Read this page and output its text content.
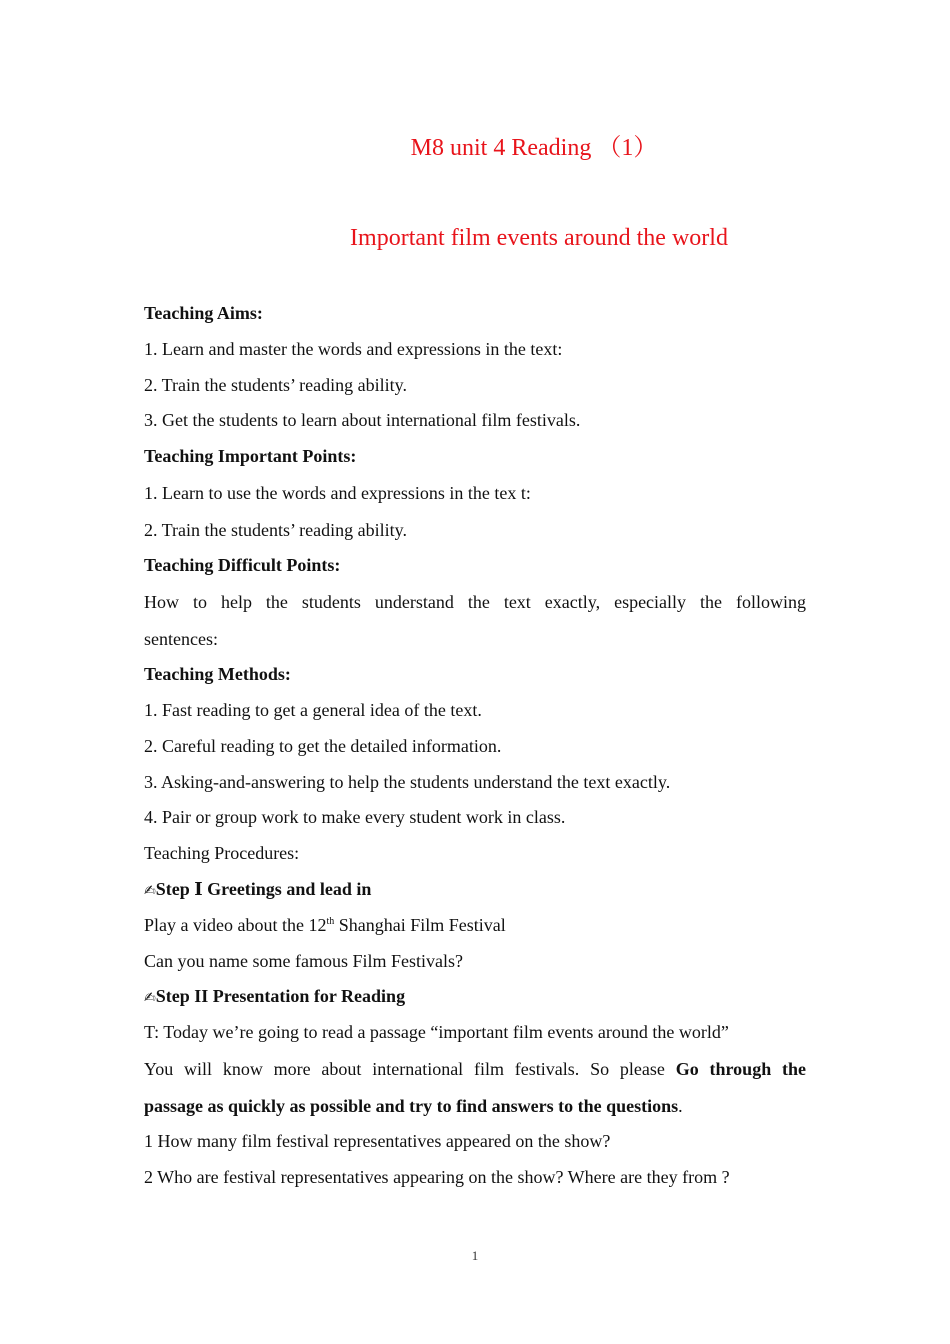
M8 unit 4 Reading （1）
Important film events around the world
Teaching Aims:
1. Learn and master the words and expressions in the text:
2. Train the students’ reading ability.
3. Get the students to learn about international film festivals.
Teaching Important Points:
1. Learn to use the words and expressions in the tex t:
2. Train the students’ reading ability.
Teaching Difficult Points:
How to help the students understand the text exactly, especially the following
sentences:
Teaching Methods:
1. Fast reading to get a general idea of the text.
2. Careful reading to get the detailed information.
3. Asking-and-answering to help the students understand the text exactly.
4. Pair or group work to make every student work in class.
Teaching Procedures:
✍Step Ⅰ Greetings and lead in
Play a video about the 12th Shanghai Film Festival
Can you name some famous Film Festivals?
✍Step II Presentation for Reading
T: Today we’re going to read a passage “important film events around the world”
You will know more about international film festivals. So please Go through the
passage as quickly as possible and try to find answers to the questions.
1 How many film festival representatives appeared on the show?
2 Who are festival representatives appearing on the show? Where are they from ?
1
